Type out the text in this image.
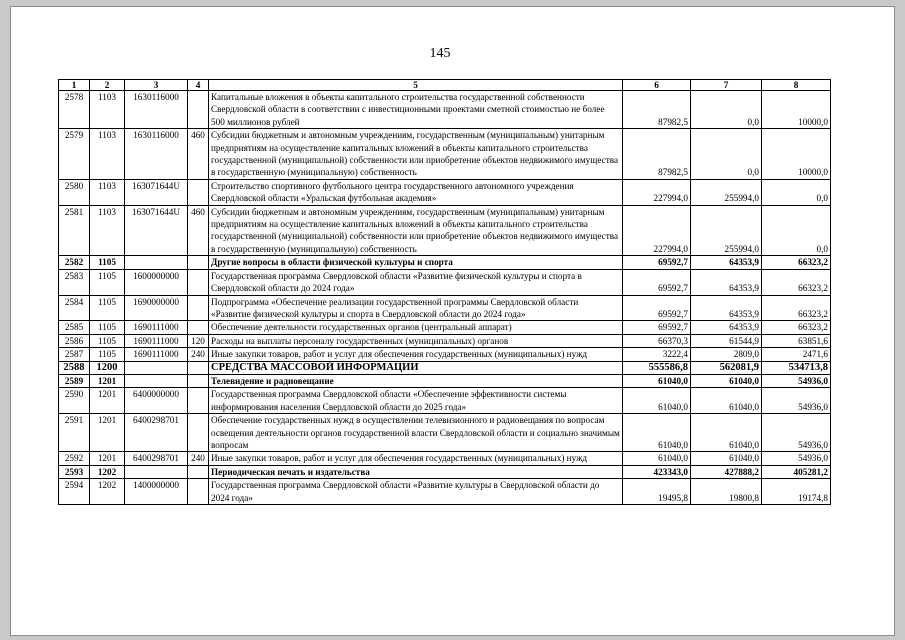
145
1	2	3	4	5	6	7	8
2578	1103	1630116000		Капитальные вложения в объекты капитального строительства государственной собственности Свердловской области в соответствии с инвестиционными проектами сметной стоимостью не более 500 миллионов рублей	87982,5	0,0	10000,0
2579	1103	1630116000	460	Субсидии бюджетным и автономным учреждениям, государственным (муниципальным) унитарным предприятиям на осуществление капитальных вложений в объекты капитального строительства государственной (муниципальной) собственности или приобретение объектов недвижимого имущества в государственную (муниципальную) собственность	87982,5	0,0	10000,0
2580	1103	163071644U		Строительство спортивного футбольного центра государственного автономного учреждения Свердловской области «Уральская футбольная академия»	227994,0	255994,0	0,0
2581	1103	163071644U	460	Субсидии бюджетным и автономным учреждениям, государственным (муниципальным) унитарным предприятиям на осуществление капитальных вложений в объекты капитального строительства государственной (муниципальной) собственности или приобретение объектов недвижимого имущества в государственную (муниципальную) собственность	227994,0	255994,0	0,0
2582	1105			Другие вопросы в области физической культуры и спорта	69592,7	64353,9	66323,2
2583	1105	1600000000		Государственная программа Свердловской области «Развитие физической культуры и спорта в Свердловской области до 2024 года»	69592,7	64353,9	66323,2
2584	1105	1690000000		Подпрограмма «Обеспечение реализации государственной программы Свердловской области «Развитие физической культуры и спорта в Свердловской области до 2024 года»	69592,7	64353,9	66323,2
2585	1105	1690111000		Обеспечение деятельности государственных органов (центральный аппарат)	69592,7	64353,9	66323,2
2586	1105	1690111000	120	Расходы на выплаты персоналу государственных (муниципальных) органов	66370,3	61544,9	63851,6
2587	1105	1690111000	240	Иные закупки товаров, работ и услуг для обеспечения государственных (муниципальных) нужд	3222,4	2809,0	2471,6
2588	1200			СРЕДСТВА МАССОВОЙ ИНФОРМАЦИИ	555586,8	562081,9	534713,8
2589	1201			Телевидение и радиовещание	61040,0	61040,0	54936,0
2590	1201	6400000000		Государственная программа Свердловской области «Обеспечение эффективности системы информирования населения Свердловской области до 2025 года»	61040,0	61040,0	54936,0
2591	1201	6400298701		Обеспечение государственных нужд в осуществлении телевизионного и радиовещания по вопросам освещения деятельности органов государственной власти Свердловской области и социально значимым вопросам	61040,0	61040,0	54936,0
2592	1201	6400298701	240	Иные закупки товаров, работ и услуг для обеспечения государственных (муниципальных) нужд	61040,0	61040,0	54936,0
2593	1202			Периодическая печать и издательства	423343,0	427888,2	405281,2
2594	1202	1400000000		Государственная программа Свердловской области «Развитие культуры в Свердловской области до 2024 года»	19495,8	19800,8	19174,8
